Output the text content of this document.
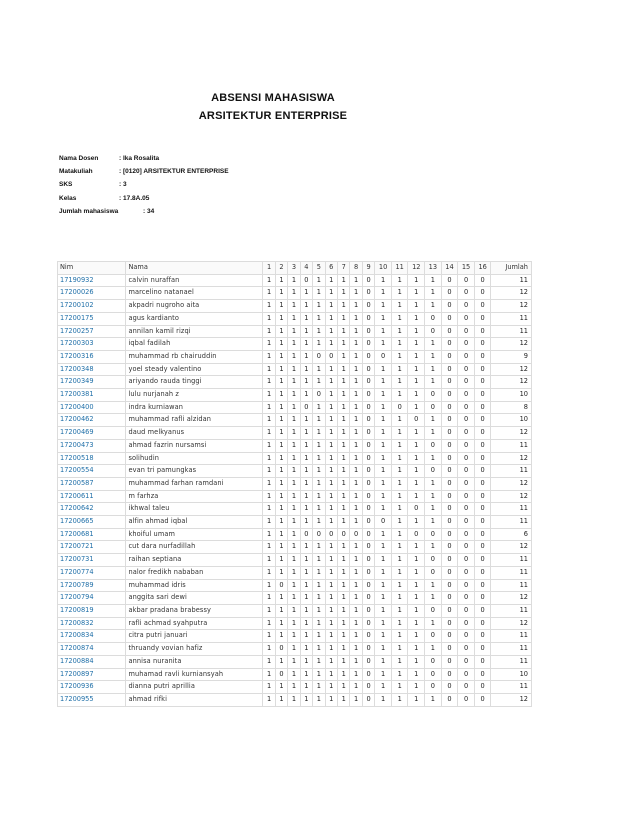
ABSENSI MAHASISWA
ARSITEKTUR ENTERPRISE
Nama Dosen	: Ika Rosalita
Matakuliah	: [0120] ARSITEKTUR ENTERPRISE
SKS	: 3
Kelas	: 17.8A.05
Jumlah mahasiswa	: 34
Nim	Nama	1	2	3	4	5	6	7	8	9	10	11	12	13	14	15	16	Jumlah
17190932	calvin nuraffan	1	1	1	0	1	1	1	1	0	1	1	1	1	0	0	0	11
17200026	marcelino natanael	1	1	1	1	1	1	1	1	0	1	1	1	1	0	0	0	12
17200102	akpadri nugroho aita	1	1	1	1	1	1	1	1	0	1	1	1	1	0	0	0	12
17200175	agus kardianto	1	1	1	1	1	1	1	1	0	1	1	1	0	0	0	0	11
17200257	annilan kamil rizqi	1	1	1	1	1	1	1	1	0	1	1	1	0	0	0	0	11
17200303	iqbal fadilah	1	1	1	1	1	1	1	1	0	1	1	1	1	0	0	0	12
17200316	muhammad rb chairuddin	1	1	1	1	0	0	1	1	0	0	1	1	1	0	0	0	9
17200348	yoel steady valentino	1	1	1	1	1	1	1	1	0	1	1	1	1	0	0	0	12
17200349	ariyando rauda tinggi	1	1	1	1	1	1	1	1	0	1	1	1	1	0	0	0	12
17200381	lulu nurjanah z	1	1	1	1	0	1	1	1	0	1	1	1	0	0	0	0	10
17200400	indra kurniawan	1	1	1	0	1	1	1	1	0	1	0	1	0	0	0	0	8
17200462	muhammad rafli alzidan	1	1	1	1	1	1	1	1	0	1	1	0	1	0	0	0	10
17200469	daud melkyanus	1	1	1	1	1	1	1	1	0	1	1	1	1	0	0	0	12
17200473	ahmad fazrin nursamsi	1	1	1	1	1	1	1	1	0	1	1	1	0	0	0	0	11
17200518	solihudin	1	1	1	1	1	1	1	1	0	1	1	1	1	0	0	0	12
17200554	evan tri pamungkas	1	1	1	1	1	1	1	1	0	1	1	1	0	0	0	0	11
17200587	muhammad farhan ramdani	1	1	1	1	1	1	1	1	0	1	1	1	1	0	0	0	12
17200611	m farhza	1	1	1	1	1	1	1	1	0	1	1	1	1	0	0	0	12
17200642	ikhwal taleu	1	1	1	1	1	1	1	1	0	1	1	0	1	0	0	0	11
17200665	alfin ahmad iqbal	1	1	1	1	1	1	1	1	0	0	1	1	1	0	0	0	11
17200681	khoiful umam	1	1	1	0	0	0	0	0	0	1	1	0	0	0	0	0	6
17200721	cut dara nurfadillah	1	1	1	1	1	1	1	1	0	1	1	1	1	0	0	0	12
17200731	raihan septiana	1	1	1	1	1	1	1	1	0	1	1	1	0	0	0	0	11
17200774	nalor fredikh nababan	1	1	1	1	1	1	1	1	0	1	1	1	0	0	0	0	11
17200789	muhammad idris	1	0	1	1	1	1	1	1	0	1	1	1	1	0	0	0	11
17200794	anggita sari dewi	1	1	1	1	1	1	1	1	0	1	1	1	1	0	0	0	12
17200819	akbar pradana brabessy	1	1	1	1	1	1	1	1	0	1	1	1	0	0	0	0	11
17200832	rafli achmad syahputra	1	1	1	1	1	1	1	1	0	1	1	1	1	0	0	0	12
17200834	citra putri januari	1	1	1	1	1	1	1	1	0	1	1	1	0	0	0	0	11
17200874	thruandy vovian hafiz	1	0	1	1	1	1	1	1	0	1	1	1	1	0	0	0	11
17200884	annisa nuranita	1	1	1	1	1	1	1	1	0	1	1	1	0	0	0	0	11
17200897	muhamad ravli kurniansyah	1	0	1	1	1	1	1	1	0	1	1	1	0	0	0	0	10
17200936	dianna putri aprillia	1	1	1	1	1	1	1	1	0	1	1	1	0	0	0	0	11
17200955	ahmad rifki	1	1	1	1	1	1	1	1	0	1	1	1	1	0	0	0	12
